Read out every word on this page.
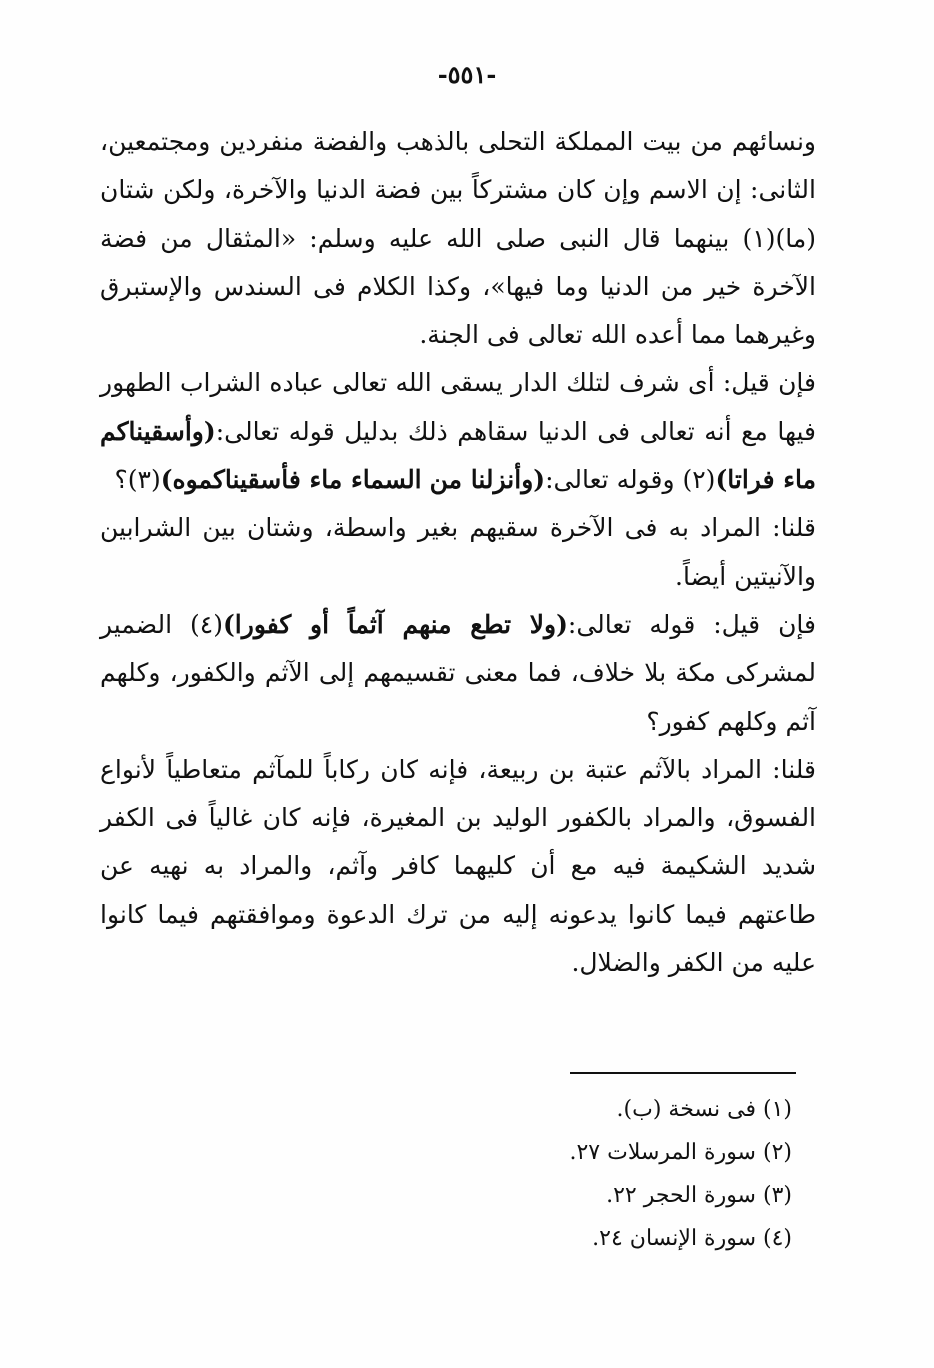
-٥٥١-

ونسائهم من بيت المملكة التحلى بالذهب والفضة منفردين ومجتمعين، الثانى: إن الاسم وإن كان مشتركاً بين فضة الدنيا والآخرة، ولكن شتان (ما)(١) بينهما قال النبى صلى الله عليه وسلم: «المثقال من فضة الآخرة خير من الدنيا وما فيها»، وكذا الكلام فى السندس والإستبرق وغيرهما مما أعده الله تعالى فى الجنة.

فإن قيل: أى شرف لتلك الدار يسقى الله تعالى عباده الشراب الطهور فيها مع أنه تعالى فى الدنيا سقاهم ذلك بدليل قوله تعالى:(وأسقيناكم ماء فراتا)(٢) وقوله تعالى:(وأنزلنا من السماء ماء فأسقيناكموه)(٣)؟

قلنا: المراد به فى الآخرة سقيهم بغير واسطة، وشتان بين الشرابين والآنيتين أيضاً.

فإن قيل: قوله تعالى:(ولا تطع منهم آثماً أو كفورا)(٤) الضمير لمشركى مكة بلا خلاف، فما معنى تقسيمهم إلى الآثم والكفور، وكلهم آثم وكلهم كفور؟

قلنا: المراد بالآثم عتبة بن ربيعة، فإنه كان ركاباً للمآثم متعاطياً لأنواع الفسوق، والمراد بالكفور الوليد بن المغيرة، فإنه كان غالياً فى الكفر شديد الشكيمة فيه مع أن كليهما كافر وآثم، والمراد به نهيه عن طاعتهم فيما كانوا يدعونه إليه من ترك الدعوة وموافقتهم فيما كانوا عليه من الكفر والضلال.

(١) فى نسخة (ب).
(٢) سورة المرسلات ٢٧.
(٣) سورة الحجر ٢٢.
(٤) سورة الإنسان ٢٤.
